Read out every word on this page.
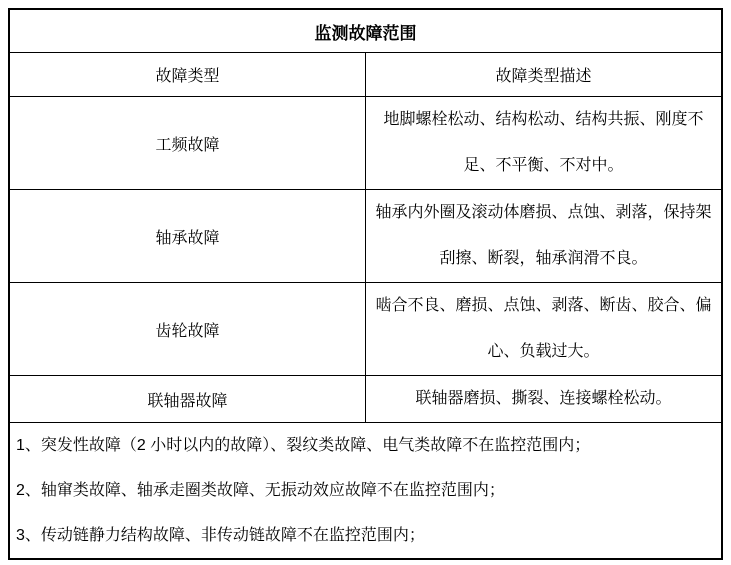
监测故障范围	
故障类型	故障类型描述
工频故障	地脚螺栓松动、结构松动、结构共振、刚度不足、不平衡、不对中。
轴承故障	轴承内外圈及滚动体磨损、点蚀、剥落，保持架刮擦、断裂，轴承润滑不良。
齿轮故障	啮合不良、磨损、点蚀、剥落、断齿、胶合、偏心、负载过大。
联轴器故障	联轴器磨损、撕裂、连接螺栓松动。

1、突发性故障（2 小时以内的故障）、裂纹类故障、电气类故障不在监控范围内；
2、轴窜类故障、轴承走圈类故障、无振动效应故障不在监控范围内；
3、传动链静力结构故障、非传动链故障不在监控范围内；	
